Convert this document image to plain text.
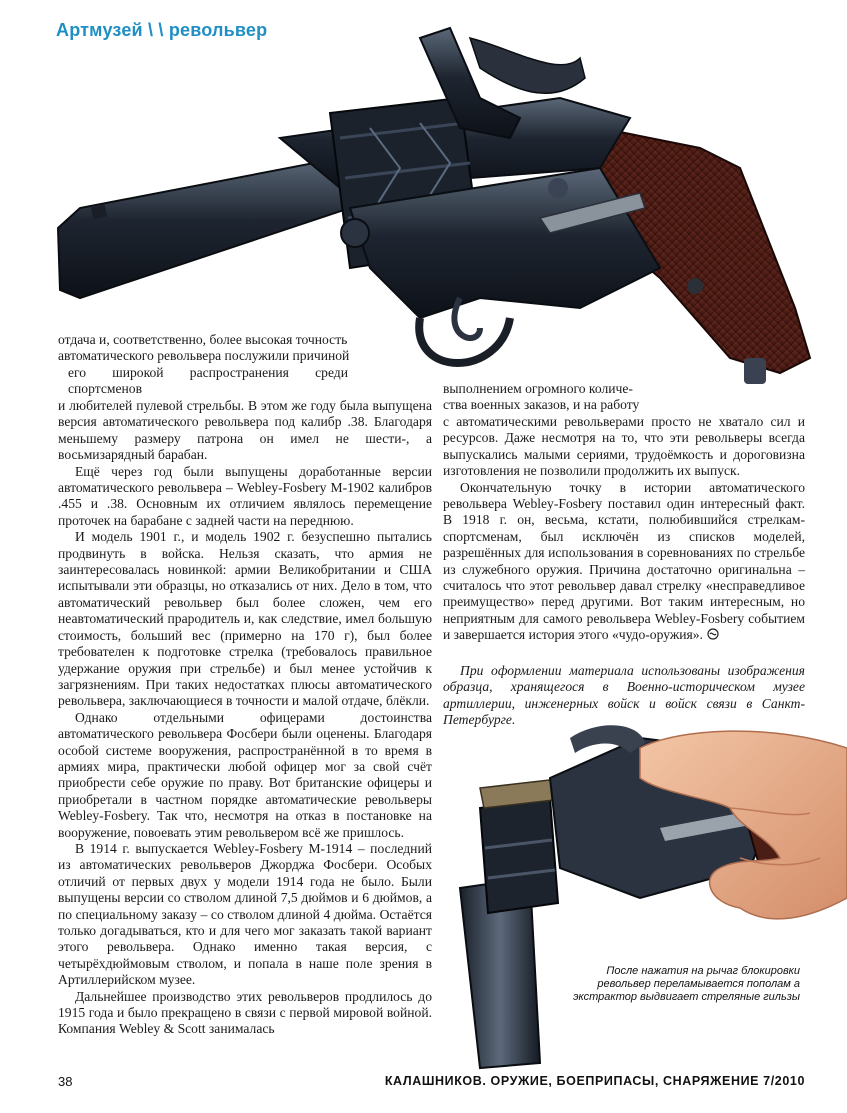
Артмузей \ \ револьвер
отдача и, соответственно, более высокая точность
автоматического револьвера послужили причиной
его широкой распространения среди спортсменов

и любителей пулевой стрельбы. В этом же году была выпущена версия автоматического револьвера под калибр .38. Благодаря меньшему размеру патрона он имел не шести-, а восьмизарядный барабан.

Ещё через год были выпущены доработанные версии автоматического револьвера – Webley-Fosbery M-1902 калибров .455 и .38. Основным их отличием являлось перемещение проточек на барабане с задней части на переднюю.

И модель 1901 г., и модель 1902 г. безуспешно пытались продвинуть в войска. Нельзя сказать, что армия не заинтересовалась новинкой: армии Великобритании и США испытывали эти образцы, но отказались от них. Дело в том, что автоматический револьвер был более сложен, чем его неавтоматический прародитель и, как следствие, имел большую стоимость, больший вес (примерно на 170 г), был более требователен к подготовке стрелка (требовалось правильное удержание оружия при стрельбе) и был менее устойчив к загрязнениям. При таких недостатках плюсы автоматического револьвера, заключающиеся в точности и малой отдаче, блёкли.

Однако отдельными офицерами достоинства автоматического револьвера Фосбери были оценены. Благодаря особой системе вооружения, распространённой в то время в армиях мира, практически любой офицер мог за свой счёт приобрести себе оружие по праву. Вот британские офицеры и приобретали в частном порядке автоматические револьверы Webley-Fosbery. Так что, несмотря на отказ в постановке на вооружение, повоевать этим револьвером всё же пришлось.

В 1914 г. выпускается Webley-Fosbery M-1914 – последний из автоматических револьверов Джорджа Фосбери. Особых отличий от первых двух у модели 1914 года не было. Были выпущены версии со стволом длиной 7,5 дюймов и 6 дюймов, а по специальному заказу – со стволом длиной 4 дюйма. Остаётся только догадываться, кто и для чего мог заказать такой вариант этого револьвера. Однако именно такая версия, с четырёхдюймовым стволом, и попала в наше поле зрения в Артиллерийском музее.

Дальнейшее производство этих револьверов продлилось до 1915 года и было прекращено в связи с первой мировой войной. Компания Webley & Scott занималась

выполнением огромного количе-
ства военных заказов, и на работу

с автоматическими револьверами просто не хватало сил и ресурсов. Даже несмотря на то, что эти револьверы всегда выпускались малыми сериями, трудоёмкость и дороговизна изготовления не позволили продолжить их выпуск.

Окончательную точку в истории автоматического револьвера Webley-Fosbery поставил один интересный факт. В 1918 г. он, весьма, кстати, полюбившийся стрелкам-спортсменам, был исключён из списков моделей, разрешённых для использования в соревнованиях по стрельбе из служебного оружия. Причина достаточно оригинальна – считалось что этот револьвер давал стрелку «несправедливое преимущество» перед другими. Вот таким интересным, но неприятным для самого револьвера Webley-Fosbery событием и завершается история этого «чудо-оружия».

При оформлении материала использованы изображения образца, хранящегося в Военно-историческом музее артиллерии, инженерных войск и войск связи в Санкт-Петербурге.
После нажатия на рычаг блокировки револьвер переламывается пополам а экстрактор выдвигает стреляные гильзы
38	КАЛАШНИКОВ. ОРУЖИЕ, БОЕПРИПАСЫ, СНАРЯЖЕНИЕ 7/2010
